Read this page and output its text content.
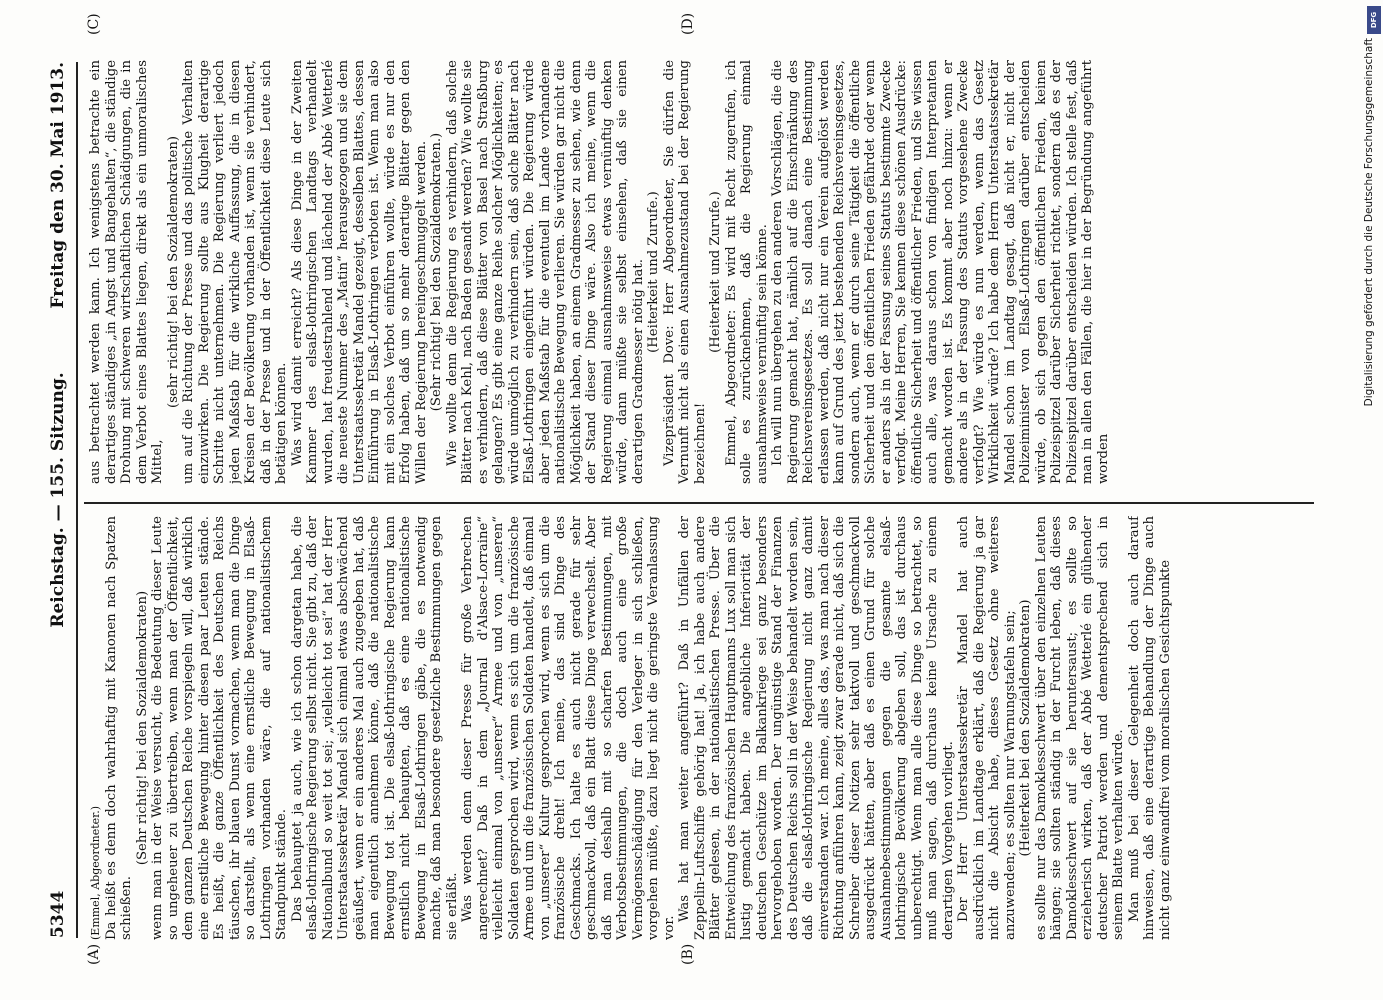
5344
Reichstag. — 155. Sitzung.
Freitag den 30. Mai 1913.
(A)	(B)
(C)	(D)

(Emmel, Abgeordneter.) Da heißt es denn doch wahrhaftig mit Kanonen nach Spatzen schießen.

(Sehr richtig! bei den Sozialdemokraten) wenn man in der Weise versucht, die Bedeutung dieser Leute so ungeheuer zu übertreiben, wenn man der Öffentlichkeit, dem ganzen Deutschen Reiche vorspiegeln will, daß wirklich eine ernstliche Bewegung hinter diesen paar Leuten stände. Es heißt, die ganze Öffentlichkeit des Deutschen Reichs täuschen, ihr blauen Dunst vormachen, wenn man die Dinge so darstellt, als wenn eine ernstliche Bewegung in Elsaß-Lothringen vorhanden wäre, die auf nationalistischem Standpunkt stände. Das behauptet ja auch, wie ich schon dargetan habe, die elsaß-lothringische Regierung selbst nicht. Sie gibt zu, daß der Nationalbund so weit tot sei; „vielleicht tot sei“ hat der Herr Unterstaatssekretär Mandel sich einmal etwas abschwächend geäußert, wenn er ein anderes Mal auch zugegeben hat, daß man eigentlich annehmen könne, daß die nationalistische Bewegung tot ist. Die elsaß-lothringische Regierung kann ernstlich nicht behaupten, daß es eine nationalistische Bewegung in Elsaß-Lothringen gäbe, die es notwendig machte, daß man besondere gesetzliche Bestimmungen gegen sie erläßt. Was werden denn dieser Presse für große Verbrechen angerechnet? Daß in dem „Journal d'Alsace-Lorraine“ vielleicht einmal von „unserer“ Armee und von „unseren“ Soldaten gesprochen wird, wenn es sich um die französische Armee und um die französischen Soldaten handelt, daß einmal von „unserer“ Kultur gesprochen wird, wenn es sich um die französische dreht! Ich meine, das sind Dinge des Geschmacks. Ich halte es auch nicht gerade für sehr geschmackvoll, daß ein Blatt diese Dinge verwechselt. Aber daß man deshalb mit so scharfen Bestimmungen, mit Verbotsbestimmungen, die doch auch eine große Vermögensschädigung für den Verleger in sich schließen, vorgehen müßte, dazu liegt nicht die geringste Veranlassung vor.

Was hat man weiter angeführt? Daß in Unfällen der Zeppelin-Luftschiffe gehörig hat! Ja, ich habe auch andere Blätter gelesen, in der nationalistischen Presse. Über die Entweichung des französischen Hauptmanns Lux soll man sich lustig gemacht haben. Die angebliche Inferiorität der deutschen Geschütze im Balkankriege sei ganz besonders hervorgehoben worden. Der ungünstige Stand der Finanzen des Deutschen Reichs soll in der Weise behandelt worden sein, daß die elsaß-lothringische Regierung nicht ganz damit einverstanden war. Ich meine, alles das, was man nach dieser Richtung anführen kann, zeigt zwar gerade nicht, daß sich die Schreiber dieser Notizen sehr taktvoll und geschmackvoll ausgedrückt hätten, aber daß es einen Grund für solche Ausnahmebestimmungen gegen die gesamte elsaß-lothringische Bevölkerung abgeben soll, das ist durchaus unberechtigt. Wenn man alle diese Dinge so betrachtet, so muß man sagen, daß durchaus keine Ursache zu einem derartigen Vorgehen vorliegt. Der Herr Unterstaatssekretär Mandel hat auch ausdrücklich im Landtage erklärt, daß die Regierung ja gar nicht die Absicht habe, dieses Gesetz ohne weiteres anzuwenden; es sollten nur Warnungstafeln sein; (Heiterkeit bei den Sozialdemokraten) es sollte nur das Damoklesschwert über den einzelnen Leuten hängen; sie sollten ständig in der Furcht leben, daß dieses Damoklesschwert auf sie heruntersaust; es sollte so erzieherisch wirken, daß der Abbé Wetterlé ein glühender deutscher Patriot werden und dementsprechend sich in seinem Blatte verhalten würde. Man muß bei dieser Gelegenheit doch auch darauf hinweisen, daß eine derartige Behandlung der Dinge auch nicht ganz einwandfrei vom moralischen Gesichtspunkte

aus betrachtet werden kann. Ich wenigstens betrachte ein derartiges ständiges „in Angst und Bangehalten“, die ständige Drohung mit schweren wirtschaftlichen Schädigungen, die in dem Verbot eines Blattes liegen, direkt als ein unmoralisches Mittel,

(sehr richtig! bei den Sozialdemokraten) um auf die Richtung der Presse und das politische Verhalten einzuwirken. Die Regierung sollte aus Klugheit derartige Schritte nicht unternehmen. Die Regierung verliert jedoch jeden Maßstab für die wirkliche Auffassung, die in diesen Kreisen der Bevölkerung vorhanden ist, wenn sie verhindert, daß in der Presse und in der Öffentlichkeit diese Leute sich betätigen können. Was wird damit erreicht? Als diese Dinge in der Zweiten Kammer des elsaß-lothringischen Landtags verhandelt wurden, hat freudestrahlend und lächelnd der Abbé Wetterlé die neueste Nummer des „Matin“ herausgezogen und sie dem Unterstaatssekretär Mandel gezeigt, desselben Blattes, dessen Einführung in Elsaß-Lothringen verboten ist. Wenn man also mit ein solches Verbot einführen wollte, würde es nur den Erfolg haben, daß um so mehr derartige Blätter gegen den Willen der Regierung hereingeschmuggelt werden. (Sehr richtig! bei den Sozialdemokraten.) Wie wollte denn die Regierung es verhindern, daß solche Blätter nach Kehl, nach Baden gesandt werden? Wie wollte sie es verhindern, daß diese Blätter von Basel nach Straßburg gelangen? Es gibt eine ganze Reihe solcher Möglichkeiten; es würde unmöglich zu verhindern sein, daß solche Blätter nach Elsaß-Lothringen eingeführt würden. Die Regierung würde aber jeden Maßstab für die eventuell im Lande vorhandene nationalistische Bewegung verlieren. Sie würden gar nicht die Möglichkeit haben, an einem Gradmesser zu sehen, wie denn der Stand dieser Dinge wäre. Also ich meine, wenn die Regierung einmal ausnahmsweise etwas vernünftig denken würde, dann müßte sie selbst einsehen, daß sie einen derartigen Gradmesser nötig hat. (Heiterkeit und Zurufe.) Vizepräsident Dove: Herr Abgeordneter, Sie dürfen die Vernunft nicht als einen Ausnahmezustand bei der Regierung bezeichnen!

(Heiterkeit und Zurufe.) Emmel, Abgeordneter: Es wird mit Recht zugerufen, ich solle es zurücknehmen, daß die Regierung einmal ausnahmsweise vernünftig sein könne. Ich will nun übergehen zu den anderen Vorschlägen, die die Regierung gemacht hat, nämlich auf die Einschränkung des Reichsvereinsgesetzes. Es soll danach eine Bestimmung erlassen werden, daß nicht nur ein Verein aufgelöst werden kann auf Grund des jetzt bestehenden Reichsvereinsgesetzes, sondern auch, wenn er durch seine Tätigkeit die öffentliche Sicherheit und den öffentlichen Frieden gefährdet oder wenn er anders als in der Fassung seines Statuts bestimmte Zwecke verfolgt. Meine Herren, Sie kennen diese schönen Ausdrücke: öffentliche Sicherheit und öffentlicher Frieden, und Sie wissen auch alle, was daraus schon von findigen Interpretanten gemacht worden ist. Es kommt aber noch hinzu: wenn er andere als in der Fassung des Statuts vorgesehene Zwecke verfolgt? Wie würde es nun werden, wenn das Gesetz Wirklichkeit würde? Ich habe dem Herrn Unterstaatssekretär Mandel schon im Landtag gesagt, daß nicht er, nicht der Polizeiminister von Elsaß-Lothringen darüber entscheiden würde, ob sich gegen den öffentlichen Frieden, keinen Polizeispitzel darüber Sicherheit richtet, sondern daß es der Polizeispitzel darüber entscheiden würden. Ich stelle fest, daß man in allen den Fällen, die hier in der Begründung angeführt worden

Digitalisierung gefördert durch die Deutsche Forschungsgemeinschaft
DFG
